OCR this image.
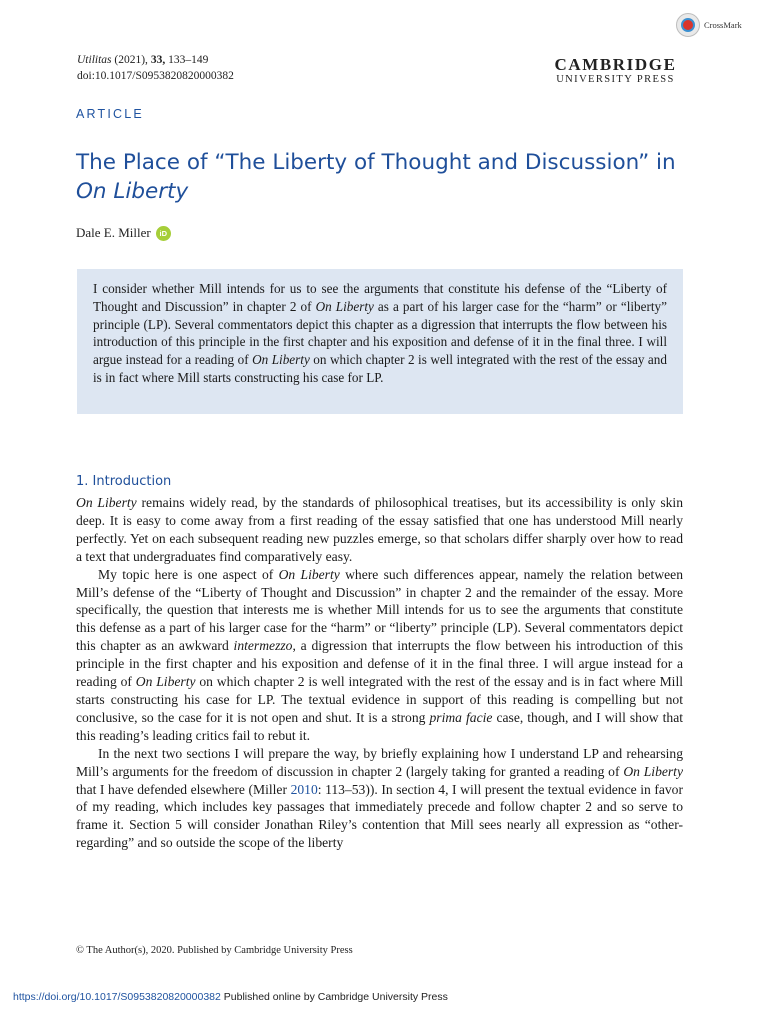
Utilitas (2021), 33, 133–149
doi:10.1017/S0953820820000382
CrossMark
CAMBRIDGE
UNIVERSITY PRESS
ARTICLE
The Place of “The Liberty of Thought and Discussion” in On Liberty
Dale E. Miller	iD

I consider whether Mill intends for us to see the arguments that constitute his defense of the “Liberty of Thought and Discussion” in chapter 2 of On Liberty as a part of his larger case for the “harm” or “liberty” principle (LP). Several commentators depict this chapter as a digression that interrupts the flow between his introduction of this principle in the first chapter and his exposition and defense of it in the final three. I will argue instead for a reading of On Liberty on which chapter 2 is well integrated with the rest of the essay and is in fact where Mill starts constructing his case for LP.

1. Introduction

On Liberty remains widely read, by the standards of philosophical treatises, but its accessibility is only skin deep. It is easy to come away from a first reading of the essay satisfied that one has understood Mill nearly perfectly. Yet on each subsequent reading new puzzles emerge, so that scholars differ sharply over how to read a text that undergraduates find comparatively easy.

My topic here is one aspect of On Liberty where such differences appear, namely the relation between Mill’s defense of the “Liberty of Thought and Discussion” in chapter 2 and the remainder of the essay. More specifically, the question that interests me is whether Mill intends for us to see the arguments that constitute this defense as a part of his larger case for the “harm” or “liberty” principle (LP). Several commentators depict this chapter as an awkward intermezzo, a digression that interrupts the flow between his introduction of this principle in the first chapter and his exposition and defense of it in the final three. I will argue instead for a reading of On Liberty on which chapter 2 is well integrated with the rest of the essay and is in fact where Mill starts constructing his case for LP. The textual evidence in support of this reading is compelling but not conclusive, so the case for it is not open and shut. It is a strong prima facie case, though, and I will show that this reading’s leading critics fail to rebut it.

In the next two sections I will prepare the way, by briefly explaining how I understand LP and rehearsing Mill’s arguments for the freedom of discussion in chapter 2 (largely taking for granted a reading of On Liberty that I have defended elsewhere (Miller 2010: 113–53)). In section 4, I will present the textual evidence in favor of my reading, which includes key passages that immediately precede and follow chapter 2 and so serve to frame it. Section 5 will consider Jonathan Riley’s contention that Mill sees nearly all expression as “other-regarding” and so outside the scope of the liberty

© The Author(s), 2020. Published by Cambridge University Press
https://doi.org/10.1017/S0953820820000382 Published online by Cambridge University Press
